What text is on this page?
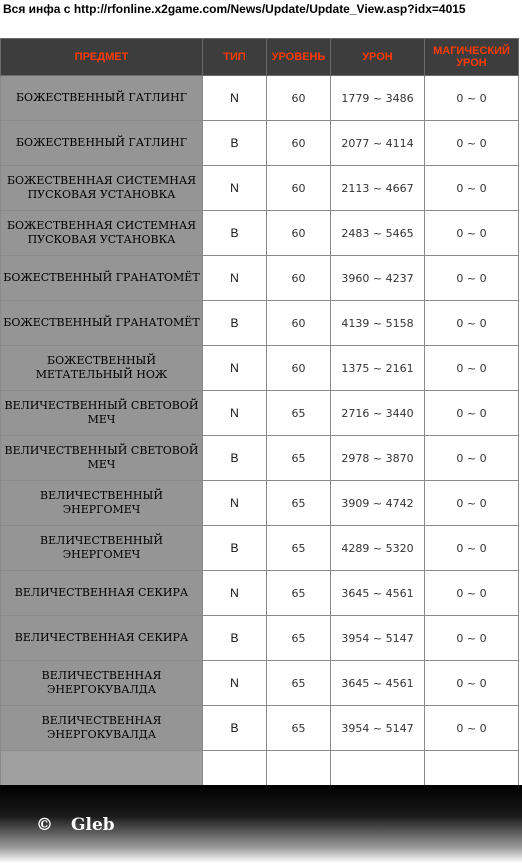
Вся инфа с http://rfonline.x2game.com/News/Update/Update_View.asp?idx=4015
ПРЕДМЕТ	ТИП	УРОВЕНЬ	УРОН	МАГИЧЕСКИЙ УРОН
БОЖЕСТВЕННЫЙ ГАТЛИНГ	N	60	1779 ~ 3486	0 ~ 0
БОЖЕСТВЕННЫЙ ГАТЛИНГ	B	60	2077 ~ 4114	0 ~ 0
БОЖЕСТВЕННАЯ СИСТЕМНАЯ ПУСКОВАЯ УСТАНОВКА	N	60	2113 ~ 4667	0 ~ 0
БОЖЕСТВЕННАЯ СИСТЕМНАЯ ПУСКОВАЯ УСТАНОВКА	B	60	2483 ~ 5465	0 ~ 0
БОЖЕСТВЕННЫЙ ГРАНАТОМЁТ	N	60	3960 ~ 4237	0 ~ 0
БОЖЕСТВЕННЫЙ ГРАНАТОМЁТ	B	60	4139 ~ 5158	0 ~ 0
БОЖЕСТВЕННЫЙ МЕТАТЕЛЬНЫЙ НОЖ	N	60	1375 ~ 2161	0 ~ 0
ВЕЛИЧЕСТВЕННЫЙ СВЕТОВОЙ МЕЧ	N	65	2716 ~ 3440	0 ~ 0
ВЕЛИЧЕСТВЕННЫЙ СВЕТОВОЙ МЕЧ	B	65	2978 ~ 3870	0 ~ 0
ВЕЛИЧЕСТВЕННЫЙ ЭНЕРГОМЕЧ	N	65	3909 ~ 4742	0 ~ 0
ВЕЛИЧЕСТВЕННЫЙ ЭНЕРГОМЕЧ	B	65	4289 ~ 5320	0 ~ 0
ВЕЛИЧЕСТВЕННАЯ СЕКИРА	N	65	3645 ~ 4561	0 ~ 0
ВЕЛИЧЕСТВЕННАЯ СЕКИРА	B	65	3954 ~ 5147	0 ~ 0
ВЕЛИЧЕСТВЕННАЯ ЭНЕРГОКУВАЛДА	N	65	3645 ~ 4561	0 ~ 0
ВЕЛИЧЕСТВЕННАЯ ЭНЕРГОКУВАЛДА	B	65	3954 ~ 5147	0 ~ 0

© Gleb
